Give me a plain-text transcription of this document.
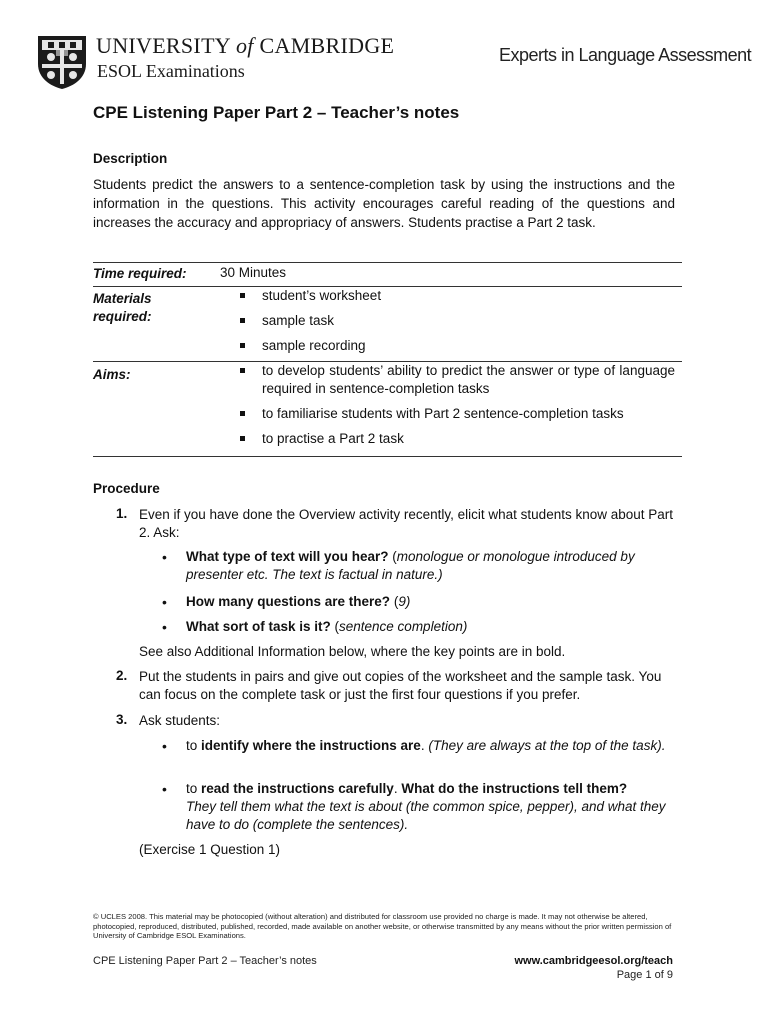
UNIVERSITY of CAMBRIDGE
ESOL Examinations
Experts in Language Assessment
CPE Listening Paper Part 2 – Teacher’s notes
Description
Students predict the answers to a sentence-completion task by using the instructions and the information in the questions. This activity encourages careful reading of the questions and increases the accuracy and appropriacy of answers. Students practise a Part 2 task.
Time required: 30 Minutes
Materials required:
student’s worksheet
sample task
sample recording
Aims:	to develop students’ ability to predict the answer or type of language required in sentence-completion tasks
to familiarise students with Part 2 sentence-completion tasks
to practise a Part 2 task
Procedure
1. Even if you have done the Overview activity recently, elicit what students know about Part 2. Ask:
• What type of text will you hear? (monologue or monologue introduced by presenter etc. The text is factual in nature.)
• How many questions are there? (9)
• What sort of task is it? (sentence completion)
See also Additional Information below, where the key points are in bold.
2. Put the students in pairs and give out copies of the worksheet and the sample task. You can focus on the complete task or just the first four questions if you prefer.
3. Ask students:
• to identify where the instructions are. (They are always at the top of the task).
• to read the instructions carefully. What do the instructions tell them?
They tell them what the text is about (the common spice, pepper), and what they have to do (complete the sentences).
(Exercise 1 Question 1)
© UCLES 2008. This material may be photocopied (without alteration) and distributed for classroom use provided no charge is made. It may not otherwise be altered, photocopied, reproduced, distributed, published, recorded, made available on another website, or otherwise transmitted by any means without the prior written permission of University of Cambridge ESOL Examinations.
CPE Listening Paper Part 2 – Teacher’s notes	www.cambridgeesol.org/teach
Page 1 of 9
